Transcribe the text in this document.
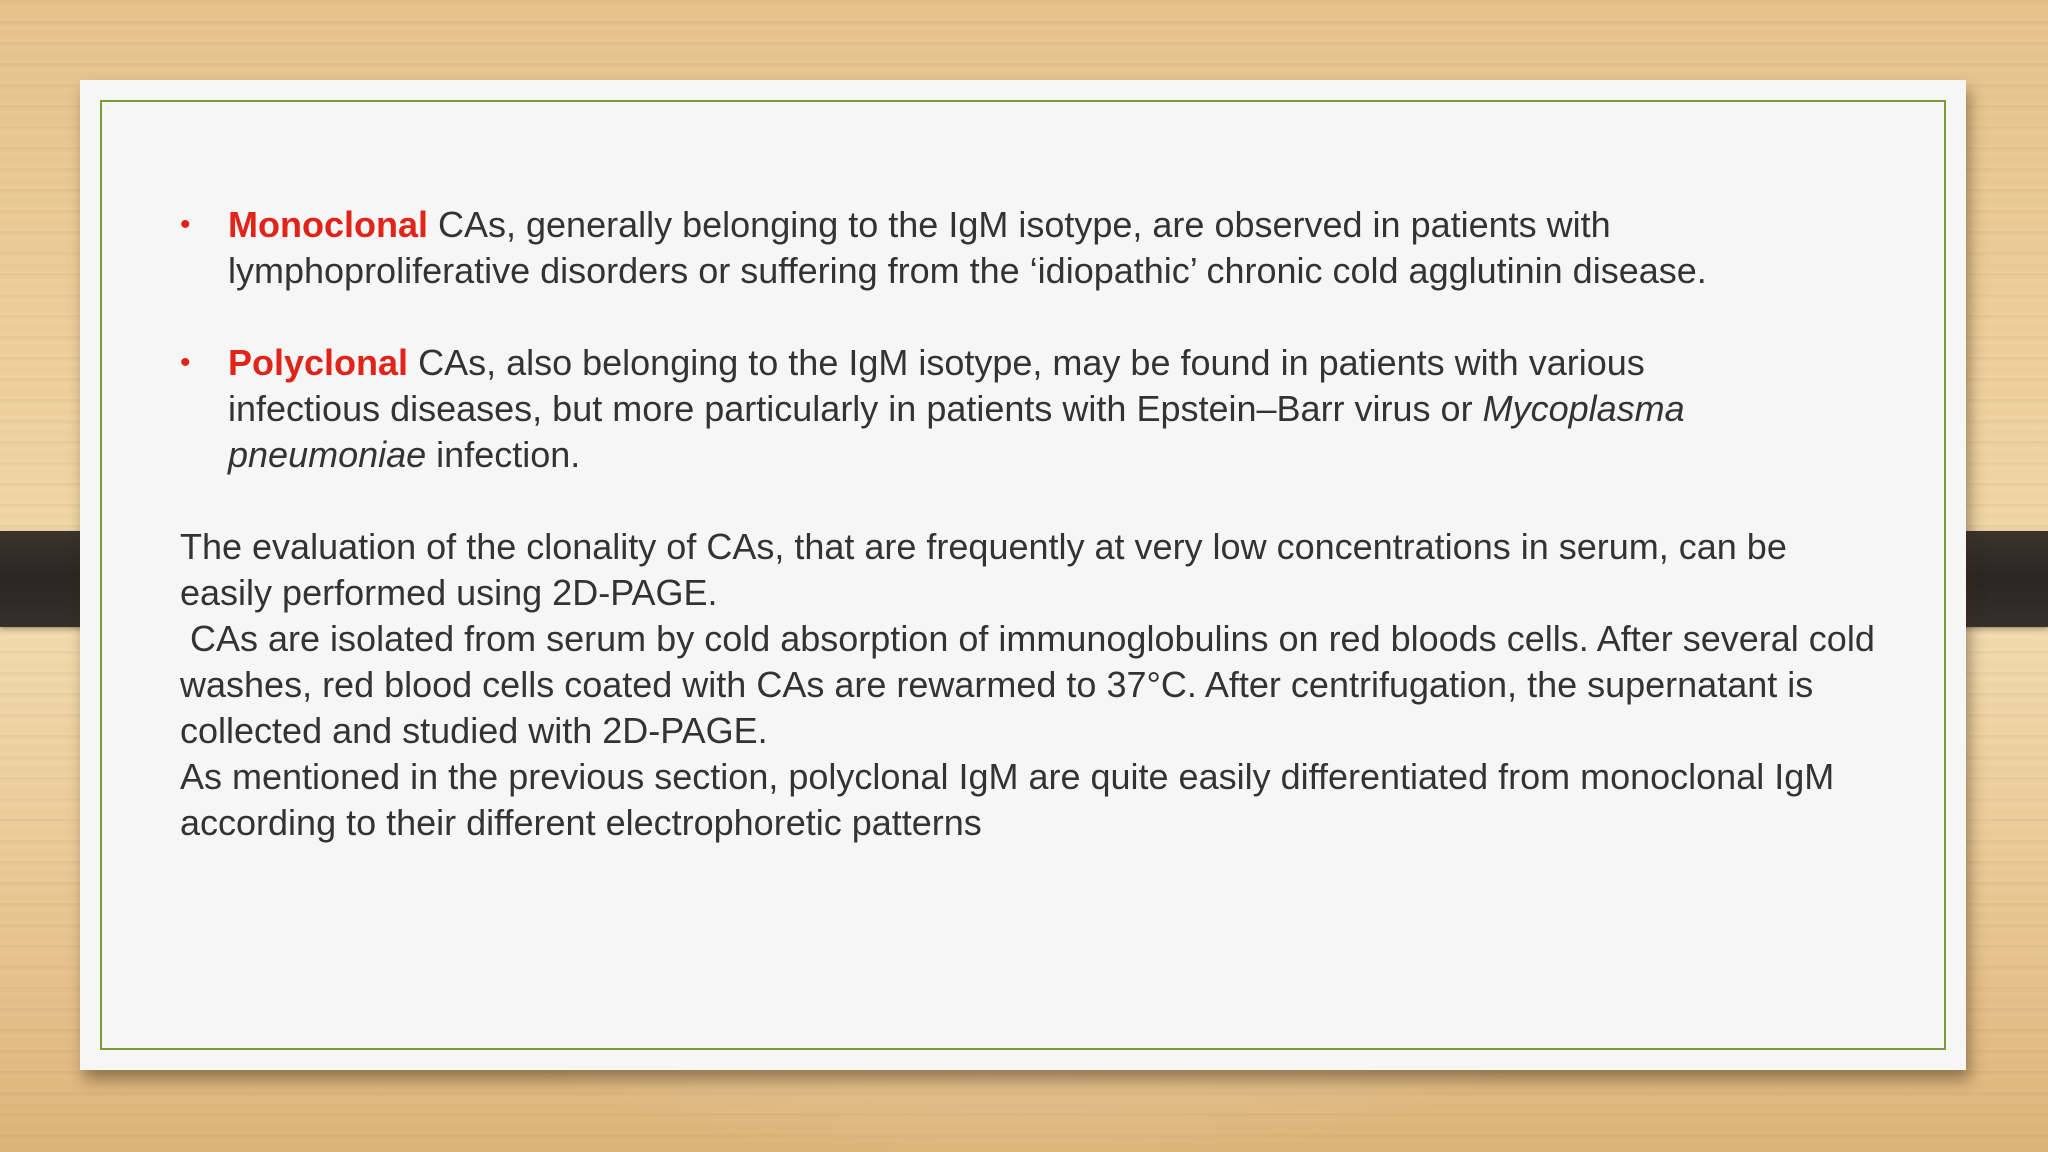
• Monoclonal CAs, generally belonging to the IgM isotype, are observed in patients with lymphoproliferative disorders or suffering from the ‘idiopathic’ chronic cold agglutinin disease.
• Polyclonal CAs, also belonging to the IgM isotype, may be found in patients with various infectious diseases, but more particularly in patients with Epstein–Barr virus or Mycoplasma pneumoniae infection.
The evaluation of the clonality of CAs, that are frequently at very low concentrations in serum, can be easily performed using 2D-PAGE.
CAs are isolated from serum by cold absorption of immunoglobulins on red bloods cells. After several cold washes, red blood cells coated with CAs are rewarmed to 37°C. After centrifugation, the supernatant is collected and studied with 2D-PAGE.
As mentioned in the previous section, polyclonal IgM are quite easily differentiated from monoclonal IgM according to their different electrophoretic patterns
